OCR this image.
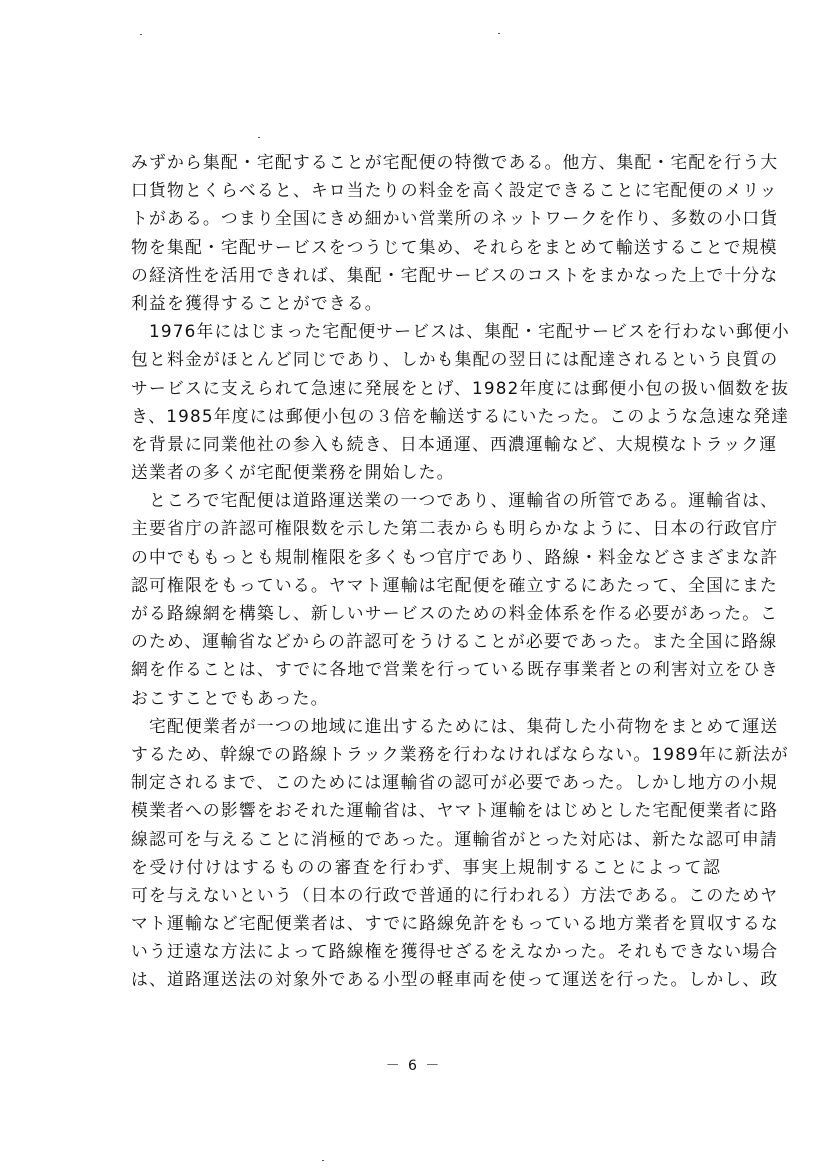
みずから集配・宅配することが宅配便の特徴である。他方、集配・宅配を行う大
口貨物とくらべると、キロ当たりの料金を高く設定できることに宅配便のメリッ
トがある。つまり全国にきめ細かい営業所のネットワークを作り、多数の小口貨
物を集配・宅配サービスをつうじて集め、それらをまとめて輸送することで規模
の経済性を活用できれば、集配・宅配サービスのコストをまかなった上で十分な
利益を獲得することができる。
　1976年にはじまった宅配便サービスは、集配・宅配サービスを行わない郵便小
包と料金がほとんど同じであり、しかも集配の翌日には配達されるという良質の
サービスに支えられて急速に発展をとげ、1982年度には郵便小包の扱い個数を抜
き、1985年度には郵便小包の３倍を輸送するにいたった。このような急速な発達
を背景に同業他社の参入も続き、日本通運、西濃運輸など、大規模なトラック運
送業者の多くが宅配便業務を開始した。
　ところで宅配便は道路運送業の一つであり、運輸省の所管である。運輸省は、
主要省庁の許認可権限数を示した第二表からも明らかなように、日本の行政官庁
の中でももっとも規制権限を多くもつ官庁であり、路線・料金などさまざまな許
認可権限をもっている。ヤマト運輸は宅配便を確立するにあたって、全国にまた
がる路線網を構築し、新しいサービスのための料金体系を作る必要があった。こ
のため、運輸省などからの許認可をうけることが必要であった。また全国に路線
網を作ることは、すでに各地で営業を行っている既存事業者との利害対立をひき
おこすことでもあった。
　宅配便業者が一つの地域に進出するためには、集荷した小荷物をまとめて運送
するため、幹線での路線トラック業務を行わなければならない。1989年に新法が
制定されるまで、このためには運輸省の認可が必要であった。しかし地方の小規
模業者への影響をおそれた運輸省は、ヤマト運輸をはじめとした宅配便業者に路
線認可を与えることに消極的であった。運輸省がとった対応は、新たな認可申請
を受け付けはするものの審査を行わず、事実上規制することによって認
可を与えないという（日本の行政で普通的に行われる）方法である。このためヤ
マト運輸など宅配便業者は、すでに路線免許をもっている地方業者を買収するな
いう迂遠な方法によって路線権を獲得せざるをえなかった。それもできない場合
は、道路運送法の対象外である小型の軽車両を使って運送を行った。しかし、政
－ 6 －
